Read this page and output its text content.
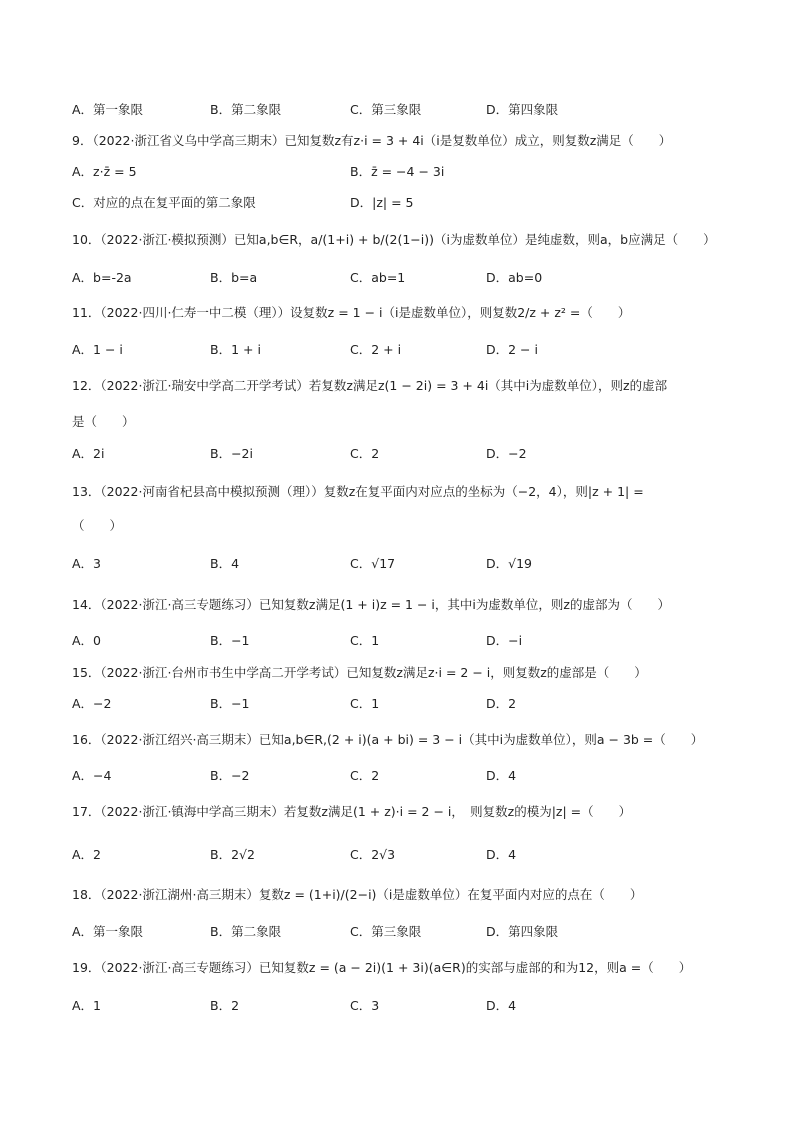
A．第一象限	B．第二象限	C．第三象限	D．第四象限
9．（2022·浙江省义乌中学高三期末）已知复数z有z·i = 3 + 4i（i是复数单位）成立，则复数z满足（　　）
A．z·z̄ = 5	B．z̄ = −4 − 3i
C．对应的点在复平面的第二象限	D．|z| = 5
10．（2022·浙江·模拟预测）已知a,b∈R，a/(1+i) + b/(2(1−i))（i为虚数单位）是纯虚数，则a，b应满足（　　）
A．b=-2a	B．b=a	C．ab=1	D．ab=0
11．（2022·四川·仁寿一中二模（理））设复数z = 1 − i（i是虚数单位），则复数2/z + z² =（　　）
A．1 − i	B．1 + i	C．2 + i	D．2 − i
12．（2022·浙江·瑞安中学高二开学考试）若复数z满足z(1 − 2i) = 3 + 4i（其中i为虚数单位），则z的虚部
是（　　）
A．2i	B．−2i	C．2	D．−2
13．（2022·河南省杞县高中模拟预测（理））复数z在复平面内对应点的坐标为（−2，4），则|z + 1| =
（　　）
A．3	B．4	C．√17	D．√19
14．（2022·浙江·高三专题练习）已知复数z满足(1 + i)z = 1 − i，其中i为虚数单位，则z的虚部为（　　）
A．0	B．−1	C．1	D．−i
15．（2022·浙江·台州市书生中学高二开学考试）已知复数z满足z·i = 2 − i，则复数z的虚部是（　　）
A．−2	B．−1	C．1	D．2
16．（2022·浙江绍兴·高三期末）已知a,b∈R,(2 + i)(a + bi) = 3 − i（其中i为虚数单位），则a − 3b =（　　）
A．−4	B．−2	C．2	D．4
17．（2022·浙江·镇海中学高三期末）若复数z满足(1 + z)·i = 2 − i，　则复数z的模为|z| =（　　）
A．2	B．2√2	C．2√3	D．4
18．（2022·浙江湖州·高三期末）复数z = (1+i)/(2−i)（i是虚数单位）在复平面内对应的点在（　　）
A．第一象限	B．第二象限	C．第三象限	D．第四象限
19．（2022·浙江·高三专题练习）已知复数z = (a − 2i)(1 + 3i)(a∈R)的实部与虚部的和为12，则a =（　　）
A．1	B．2	C．3	D．4
